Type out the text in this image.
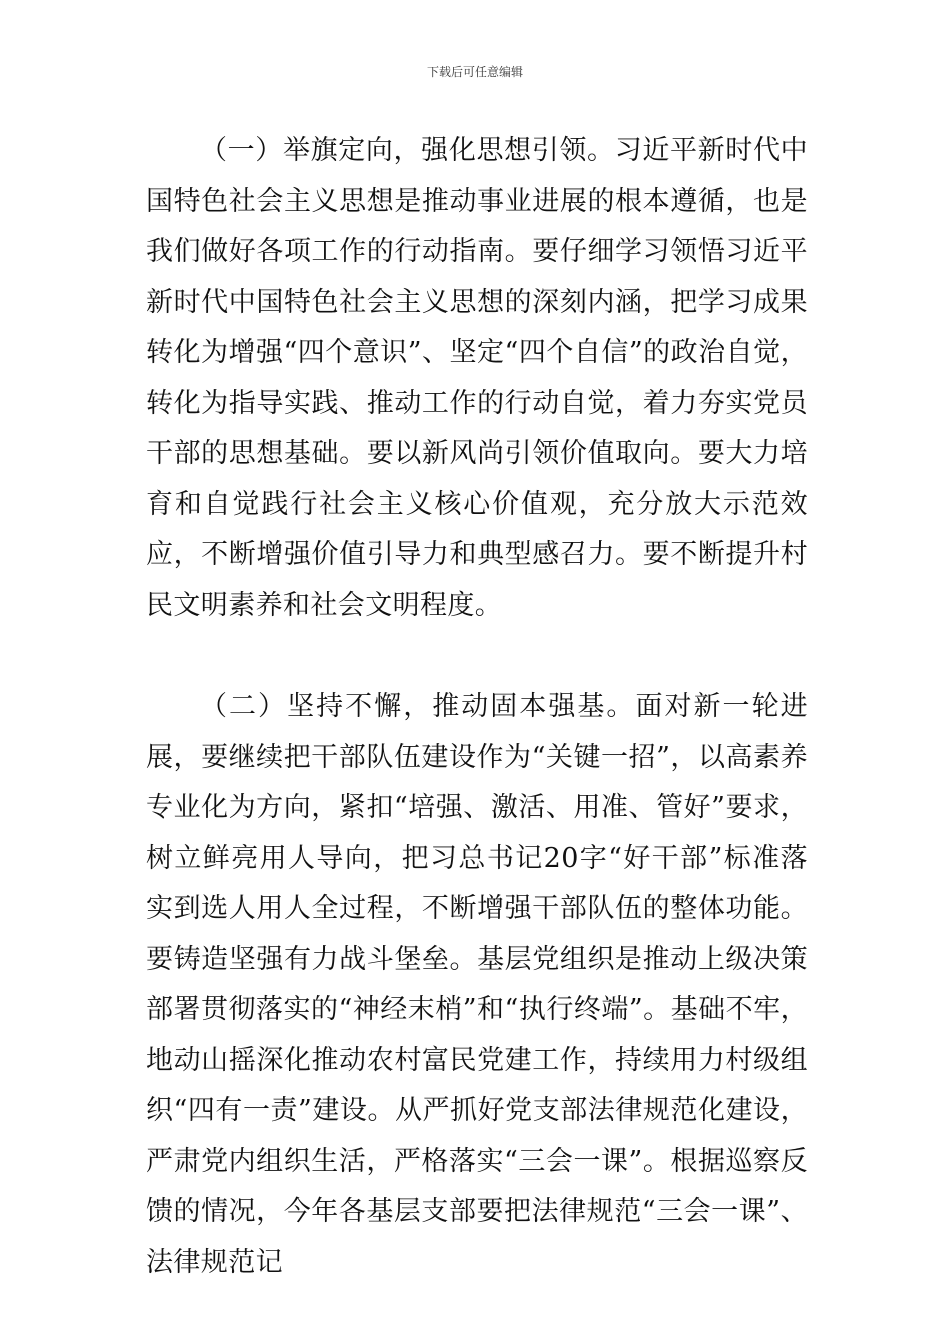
下载后可任意编辑

（一）举旗定向，强化思想引领。习近平新时代中国特色社会主义思想是推动事业进展的根本遵循，也是我们做好各项工作的行动指南。要仔细学习领悟习近平新时代中国特色社会主义思想的深刻内涵，把学习成果转化为增强“四个意识”、坚定“四个自信”的政治自觉，转化为指导实践、推动工作的行动自觉，着力夯实党员干部的思想基础。要以新风尚引领价值取向。要大力培育和自觉践行社会主义核心价值观，充分放大示范效应，不断增强价值引导力和典型感召力。要不断提升村民文明素养和社会文明程度。

（二）坚持不懈，推动固本强基。面对新一轮进展，要继续把干部队伍建设作为“关键一招”，以高素养专业化为方向，紧扣“培强、激活、用准、管好”要求，树立鲜亮用人导向，把习总书记20字“好干部”标准落实到选人用人全过程，不断增强干部队伍的整体功能。要铸造坚强有力战斗堡垒。基层党组织是推动上级决策部署贯彻落实的“神经末梢”和“执行终端”。基础不牢，地动山摇深化推动农村富民党建工作，持续用力村级组织“四有一责”建设。从严抓好党支部法律规范化建设，严肃党内组织生活，严格落实“三会一课”。根据巡察反馈的情况，今年各基层支部要把法律规范“三会一课”、法律规范记
